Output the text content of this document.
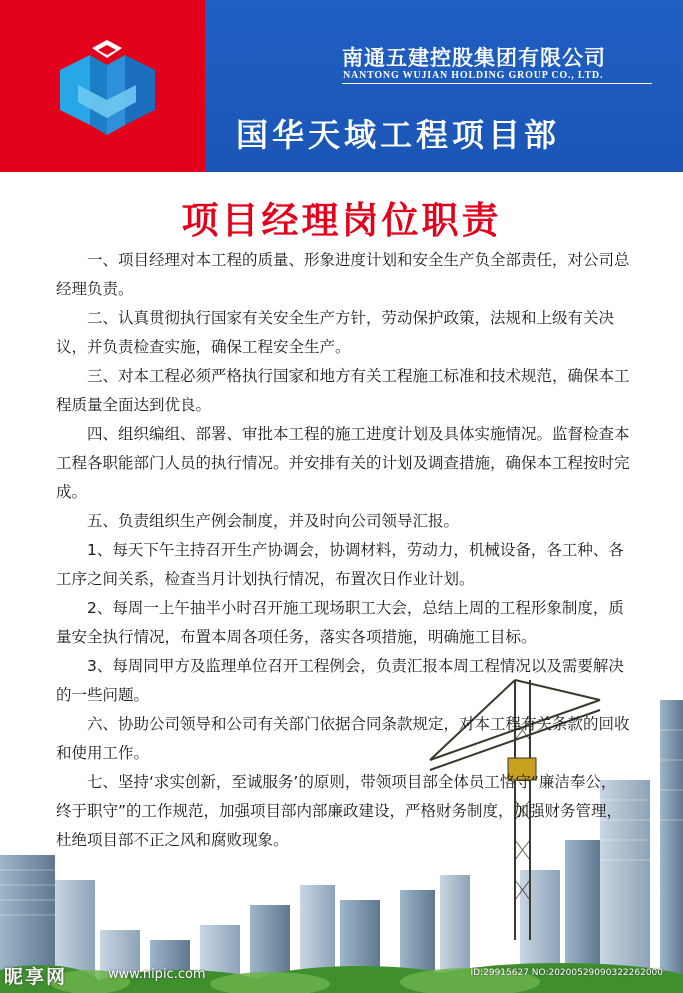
南通五建控股集团有限公司
NANTONG WUJIAN HOLDING GROUP CO., LTD.
国华天域工程项目部
项目经理岗位职责

一、项目经理对本工程的质量、形象进度计划和安全生产负全部责任，对公司总经理负责。

二、认真贯彻执行国家有关安全生产方针，劳动保护政策，法规和上级有关决议，并负责检查实施，确保工程安全生产。

三、对本工程必须严格执行国家和地方有关工程施工标准和技术规范，确保本工程质量全面达到优良。

四、组织编组、部署、审批本工程的施工进度计划及具体实施情况。监督检查本工程各职能部门人员的执行情况。并安排有关的计划及调查措施，确保本工程按时完成。

五、负责组织生产例会制度，并及时向公司领导汇报。

1、每天下午主持召开生产协调会，协调材料，劳动力，机械设备，各工种、各工序之间关系，检查当月计划执行情况，布置次日作业计划。

2、每周一上午抽半小时召开施工现场职工大会，总结上周的工程形象制度，质量安全执行情况，布置本周各项任务，落实各项措施，明确施工目标。

3、每周同甲方及监理单位召开工程例会，负责汇报本周工程情况以及需要解决的一些问题。

六、协助公司领导和公司有关部门依据合同条款规定，对本工程有关条款的回收和使用工作。

七、坚持‘求实创新，至诚服务’的原则，带领项目部全体员工恪守“廉洁奉公，终于职守”的工作规范，加强项目部内部廉政建设，严格财务制度，加强财务管理，杜绝项目部不正之风和腐败现象。

昵享网	www.nipic.com	ID:29915627 NO:20200529090322262000
